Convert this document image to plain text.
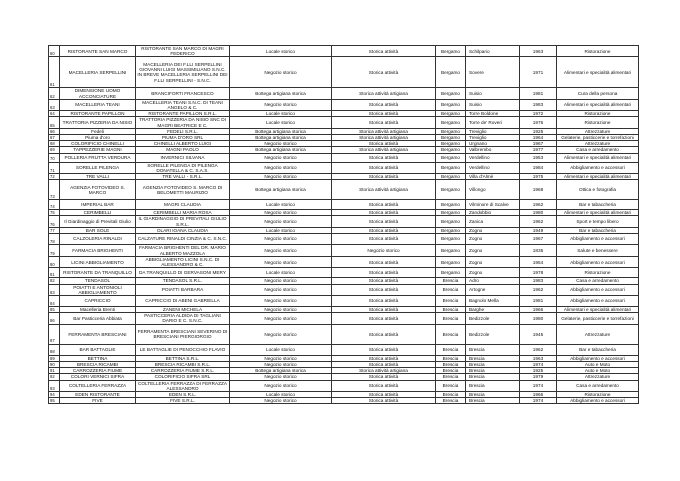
60	RISTORANTE SAN MARCO	RISTORANTE SAN MARCO DI MAGRI FEDERICO	Locale storico	Storica attività	Bergamo	Schilpario	1963	Ristorazione
61	MACELLERIA SERPELLINI	MACELLERIA DEI F.LLI SERPELLINI GIOVANNI LUIGI MASSIMILIANO S.N.C. IN BREVE MACELLERIA SERPELLINI DEI F.LLI SERPELLINI - S.N.C.	Negozio storico	Storica attività	Bergamo	Sovere	1971	Alimentari e specialità alimentari
62	DIMENSIONE UOMO ACCONCIATURE	BRANCIFORTI FRANCESCO	Bottega artigiana storica	Storica attività artigiana	Bergamo	Suisio	1981	Cura della persona
63	MACELLERIA TEANI	MACELLERIA TEANI S.N.C. DI TEANI ANGELO & C.	Negozio storico	Storica attività	Bergamo	Suisio	1983	Alimentari e specialità alimentari
64	RISTORANTE PAPILLON	RISTORANTE PAPILLON S.R.L.	Locale storico	Storica attività	Bergamo	Torre Boldone	1972	Ristorazione
65	TRATTORIA PIZZERIA DA NISIO	TRATTORIA PIZZERIA DA NISIO SNC DI MAGRI BEATRICE E C.	Locale storico	Storica attività	Bergamo	Torre de' Roveri	1976	Ristorazione
66	Fedeli	FEDELI S.R.L.	Bottega artigiana storica	Storica attività artigiana	Bergamo	Treviglio	1925	Attrezzature
67	Piuma d'oro	PIUMA D'ORO SRL	Bottega artigiana storica	Storica attività artigiana	Bergamo	Treviglio	1964	Gelaterie, pasticcerie e torrefazioni
68	COLORIFICIO CHINELLI	CHINELLI ALBERTO LUIGI	Negozio storico	Storica attività	Bergamo	Urgnano	1967	Attrezzature
69	TAPPEZZERIE MAGNI	MAGNI PAOLO	Bottega artigiana storica	Storica attività artigiana	Bergamo	Valbrembo	1977	Casa e arredamento
70	POLLERIA FRUTTA VERDURA	INVERNICI SILVANA	Negozio storico	Storica attività	Bergamo	Verdellino	1953	Alimentari e specialità alimentari
71	SORELLE PILENGA	SORELLE PILENGA DI PILENGA DONATELLA & C. S.A.S.	Negozio storico	Storica attività	Bergamo	Verdellino	1984	Abbigliamento e accessori
72	TRE VALLI	TRE VALLI - S.R.L.	Negozio storico	Storica attività	Bergamo	Villa d'Almè	1975	Alimentari e specialità alimentari
73	AGENZIA FOTOVIDEO S. MARCO	AGENZIA FOTOVIDEO S. MARCO DI BELOMETTI MAURIZIO	Bottega artigiana storica	Storica attività artigiana	Bergamo	Villongo	1968	Ottica e fotografia
74	IMPERIAL BAR	MAGRI CLAUDIA	Locale storico	Storica attività	Bergamo	Vilminore di Scalve	1962	Bar e tabaccheria
75	CERIMBELLI	CERIMBELLI MARIA ROSA	Negozio storico	Storica attività	Bergamo	Zandobbio	1980	Alimentari e specialità alimentari
76	Il Giardinaggio di Previtali Giulio	IL GIARDINAGGIO DI PREVITALI GIULIO S.R.L.	Negozio storico	Storica attività	Bergamo	Zanica	1962	Sport e tempo libero
77	BAR SOLE	OLARI IOANA CLAUDIA	Locale storico	Storica attività	Bergamo	Zogno	1949	Bar e tabaccheria
78	CALZOLERIA RINALDI	CALZATURE RINALDI CINZIA & C. S.N.C.	Negozio storico	Storica attività	Bergamo	Zogno	1967	Abbigliamento e accessori
79	FARMACIA BRIGHENTI	FARMACIA BRIGHENTI DEL DR. MARIO ALBERTO MAZZOLA	Negozio storico	Negozio storico	Bergamo	Zogno	1835	Salute e benessere
80	LICINI ABBIGLIAMENTO	ABBIGLIAMENTO LICINI S.N.C. DI ALESSANDRO & C.	Negozio storico	Storica attività	Bergamo	Zogno	1954	Abbigliamento e accessori
81	RISTORANTE DA TRANQUILLO	DA TRANQUILLO DI GERVASONI MERY	Locale storico	Storica attività	Bergamo	Zogno	1978	Ristorazione
82	TENDASOL	TENDASOL S.R.L.	Negozio storico	Storica attività	Brescia	Adro	1983	Casa e arredamento
83	POIATTI E ANTONIOLI ABBIGLIAMENTO	POIATTI BARBARA	Negozio storico	Storica attività	Brescia	Artogne	1962	Abbigliamento e accessori
84	CAPRICCIO	CAPRICCIO DI ABENI GABRIELLA	Negozio storico	Storica attività	Brescia	Bagnolo Mella	1981	Abbigliamento e accessori
85	Macelleria Brenti	ZANENI MICHELA	Negozio storico	Storica attività	Brescia	Barghe	1966	Alimentari e specialità alimentari
86	Bar Pasticceria Abbiata	PASTICCERIA ALDIDA DI TAGLIANI DARIO E C. S.N.C.	Negozio storico	Storica attività	Brescia	Bedizzole	1980	Gelaterie, pasticcerie e torrefazioni
87	FERRAMENTA BRESCIANI	FERRAMENTA BRESCIANI SEVERINO DI BRESCIANI PIERGIORGIO	Negozio storico	Storica attività	Brescia	Bedizzole	1945	Attrezzature
88	BAR BATTAGLIE	LE BATTAGLIE DI PENOCCHIO FLAVIO	Locale storico	Storica attività	Brescia	Brescia	1962	Bar e tabaccheria
89	BETTINA	BETTINA S.R.L.	Negozio storico	Storica attività	Brescia	Brescia	1963	Abbigliamento e accessori
90	BRESCIA RICAMBI	BRESCIA RICAMBI S.R.L.	Negozio storico	Storica attività	Brescia	Brescia	1974	Auto e Moto
91	CARROZZERIA FIUME	CARROZZERIA FIUME S.R.L.	Bottega artigiana storica	Storica attività artigiana	Brescia	Brescia	1925	Auto e Moto
92	COLORI VERNICI SIFRA	COLORIFICIO SIFRA SRL	Negozio storico	Storica attività	Brescia	Brescia	1979	Attrezzature
93	COLTELLERIA FERRAZZA	COLTELLERIA FERRAZZA DI FERRAZZA ALESSANDRO	Negozio storico	Storica attività	Brescia	Brescia	1974	Casa e arredamento
94	EDEN RISTORANTE	EDEN S.R.L.	Locale storico	Storica attività	Brescia	Brescia	1966	Ristorazione
95	FIVE	FIVE S.R.L.	Negozio storico	Storica attività	Brescia	Brescia	1974	Abbigliamento e accessori
